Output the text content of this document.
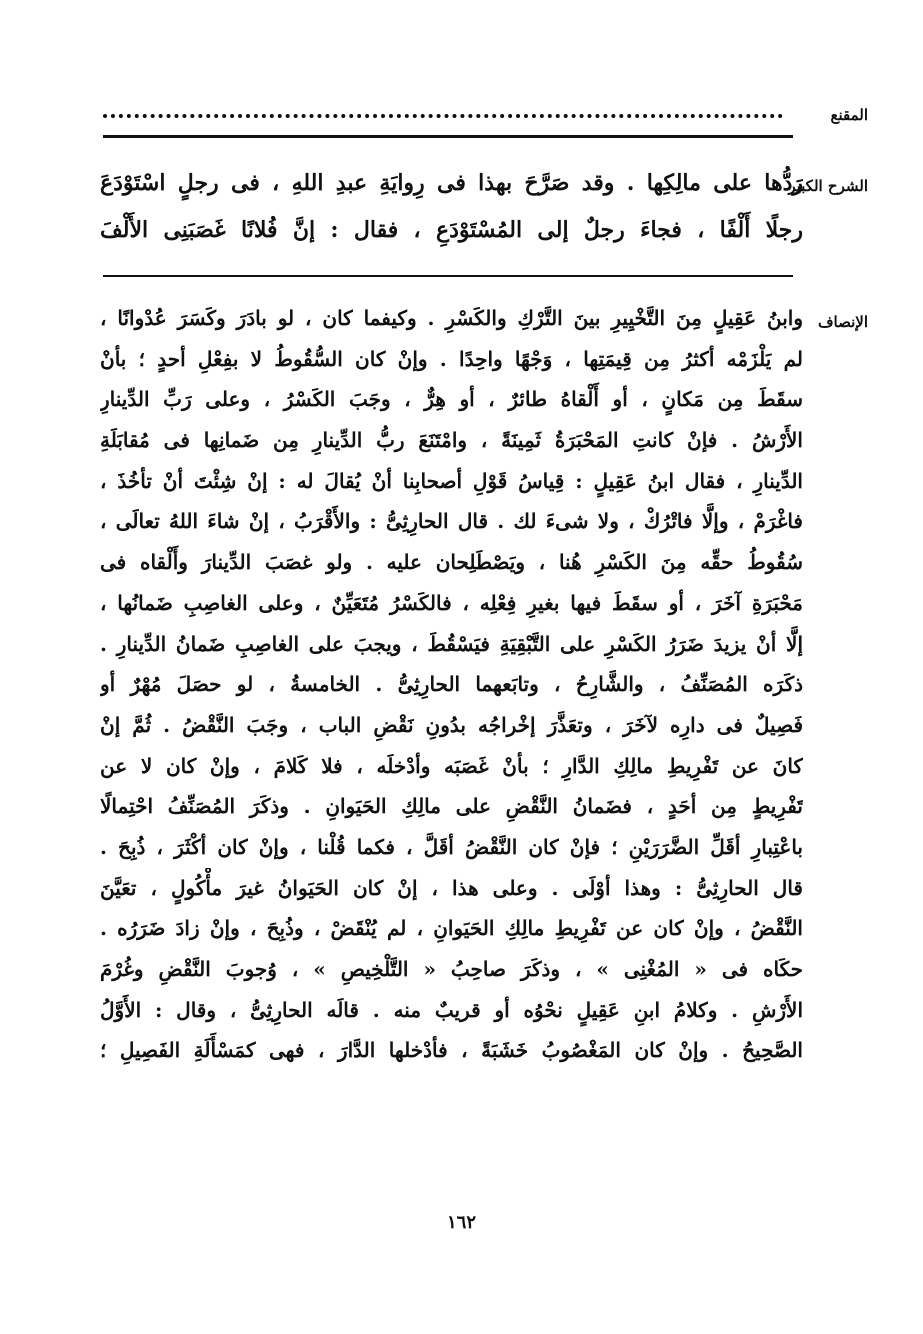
المقنع
الشرح الكبير
رَدُّها على مالِكِها . وقد صَرَّحَ بهذا فى رِوايَةِ عبدِ اللهِ ، فى رجلٍ اسْتَوْدَعَ
رجلًا أَلْفًا ، فجاءَ رجلٌ إلى المُسْتَوْدَعِ ، فقال : إنَّ فُلانًا غَصَبَنِى الأَلْفَ
الإنصاف
وابنُ عَقِيلٍ مِنَ التَّخْيِيرِ بينَ التَّرْكِ والكَسْرِ . وكيفما كان ، لو بادَرَ وكَسَرَ عُدْوانًا ،
لم يَلْزَمْه أكثرُ مِن قِيمَتِها ، وَجْهًا واحِدًا . وإنْ كان السُّقُوطُ لا بفِعْلِ أحدٍ ؛ بأنْ
سقَطَ مِن مَكانٍ ، أو أَلْقاهُ طائرٌ ، أو هِرٌّ ، وجَبَ الكَسْرُ ، وعلى رَبِّ الدِّينارِ
الأَرْشُ . فإنْ كانتِ المَحْبَرَةُ ثَمِينَةً ، وامْتَنَعَ ربُّ الدِّينارِ مِن ضَمانِها فى مُقابَلَةِ
الدِّينارِ ، فقال ابنُ عَقِيلٍ : قِياسُ قَوْلِ أصحابِنا أنْ يُقالَ له : إنْ شِئْتَ أنْ تأخُذَ ،
فاغْرَمْ ، وإلَّا فاتْرُكْ ، ولا شىءَ لك . قال الحارِثِىُّ : والأَقْرَبُ ، إنْ شاءَ اللهُ تعالَى ،
سُقُوطُ حقِّه مِنَ الكَسْرِ هُنا ، ويَصْطَلِحان عليه . ولو غصَبَ الدِّينارَ وأَلْقاه فى
مَحْبَرَةِ آخَرَ ، أو سقَطَ فيها بغيرِ فِعْلِه ، فالكَسْرُ مُتَعَيِّنٌ ، وعلى الغاصِبِ ضَمانُها ،
إلَّا أنْ يزيدَ ضَرَرُ الكَسْرِ على التَّبْقِيَةِ فيَسْقُطَ ، ويجبَ على الغاصِبِ ضَمانُ الدِّينارِ .
ذكَرَه المُصَنِّفُ ، والشَّارِحُ ، وتابَعهما الحارِثِىُّ . الخامسةُ ، لو حصَلَ مُهْرٌ أو
فَصِيلٌ فى دارِه لآخَرَ ، وتعَذَّرَ إخْراجُه بدُونِ نَقْضِ الباب ، وجَبَ النَّقْضُ . ثُمَّ إنْ
كانَ عن تَفْرِيطِ مالِكِ الدَّارِ ؛ بأنْ غَصَبَه وأدْخلَه ، فلا كَلامَ ، وإنْ كان لا عن
تَفْرِيطٍ مِن أحَدٍ ، فضَمانُ النَّقْضِ على مالِكِ الحَيَوانِ . وذكَرَ المُصَنِّفُ احْتِمالًا
باعْتِبارِ أقَلِّ الضَّرَرَيْنِ ؛ فإنْ كان النَّقْضُ أقَلَّ ، فكما قُلْنا ، وإنْ كان أكْثَرَ ، ذُبِحَ .
قال الحارِثِىُّ : وهذا أوْلَى . وعلى هذا ، إنْ كان الحَيَوانُ غيرَ مأْكُولٍ ، تعَيَّنَ
النَّقْضُ ، وإنْ كان عن تَفْرِيطِ مالِكِ الحَيَوانِ ، لم يُنْقَضْ ، وذُبِحَ ، وإنْ زادَ ضَرَرُه .
حكَاه فى « المُغْنِى » ، وذكَرَ صاحِبُ « التَّلْخِيصِ » ، وُجوبَ النَّقْضِ وغُرْمَ
الأَرْشِ . وكلامُ ابنِ عَقِيلٍ نحْوُه أو قريبٌ منه . قالَه الحارِثِىُّ ، وقال : الأَوَّلُ
الصَّحِيحُ . وإنْ كان المَغْصُوبُ خَشَبَةً ، فأدْخلها الدَّارَ ، فهى كمَسْأَلَةِ الفَصِيلِ ؛
١٦٢
